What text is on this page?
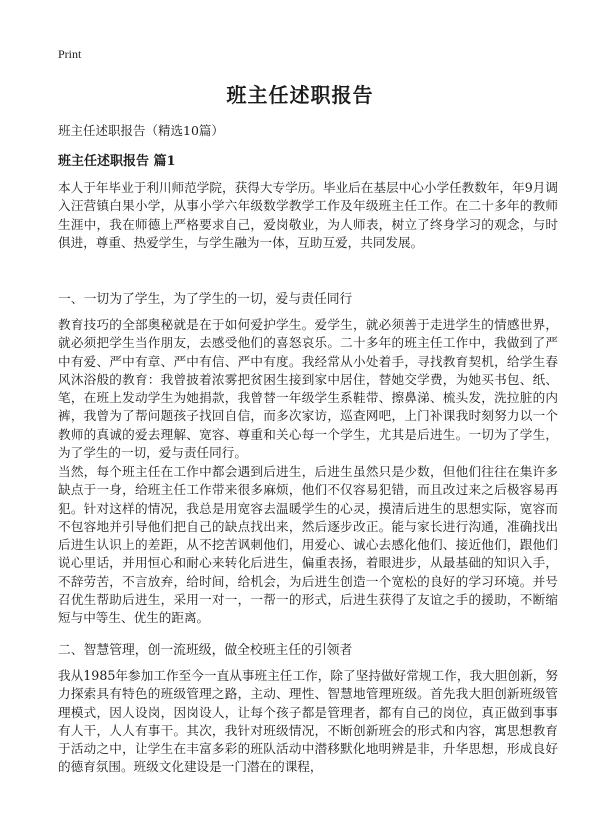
Print
班主任述职报告
班主任述职报告（精选10篇）
班主任述职报告 篇1

本人于年毕业于利川师范学院，获得大专学历。毕业后在基层中心小学任教数年，年9月调入汪营镇白果小学，从事小学六年级数学教学工作及年级班主任工作。在二十多年的教师生涯中，我在师德上严格要求自己，爱岗敬业，为人师表，树立了终身学习的观念，与时俱进，尊重、热爱学生，与学生融为一体，互助互爱，共同发展。

一、一切为了学生，为了学生的一切，爱与责任同行

教育技巧的全部奥秘就是在于如何爱护学生。爱学生，就必须善于走进学生的情感世界，就必须把学生当作朋友，去感受他们的喜怒哀乐。二十多年的班主任工作中，我做到了严中有爱、严中有章、严中有信、严中有度。我经常从小处着手，寻找教育契机，给学生春风沐浴般的教育：我曾披着浓雾把贫困生接到家中居住，替她交学费，为她买书包、纸、笔，在班上发动学生为她捐款，我曾替一年级学生系鞋带、擦鼻涕、梳头发，洗拉脏的内裤，我曾为了帮问题孩子找回自信，而多次家访，巡查网吧，上门补课我时刻努力以一个教师的真诚的爱去理解、宽容、尊重和关心每一个学生，尤其是后进生。一切为了学生，为了学生的一切，爱与责任同行。

当然，每个班主任在工作中都会遇到后进生，后进生虽然只是少数，但他们往往在集许多缺点于一身，给班主任工作带来很多麻烦，他们不仅容易犯错，而且改过来之后极容易再犯。针对这样的情况，我总是用宽容去温暖学生的心灵，摸清后进生的思想实际，宽容而不包容地并引导他们把自己的缺点找出来，然后逐步改正。能与家长进行沟通，准确找出后进生认识上的差距，从不挖苦讽刺他们，用爱心、诚心去感化他们、接近他们，跟他们说心里话，并用恒心和耐心来转化后进生，偏重表扬，着眼进步，从最基础的知识入手，不辞劳苦，不言放弃，给时间，给机会，为后进生创造一个宽松的良好的学习环境。并号召优生帮助后进生，采用一对一，一帮一的形式，后进生获得了友谊之手的援助，不断缩短与中等生、优生的距离。

二、智慧管理，创一流班级，做全校班主任的引领者

我从1985年参加工作至今一直从事班主任工作，除了坚持做好常规工作，我大胆创新，努力探索具有特色的班级管理之路，主动、理性、智慧地管理班级。首先我大胆创新班级管理模式，因人设岗，因岗设人，让每个孩子都是管理者，都有自己的岗位，真正做到事事有人干，人人有事干。其次，我针对班级情况，不断创新班会的形式和内容，寓思想教育于活动之中，让学生在丰富多彩的班队活动中潜移默化地明辨是非，升华思想，形成良好的德育氛围。班级文化建设是一门潜在的课程，
